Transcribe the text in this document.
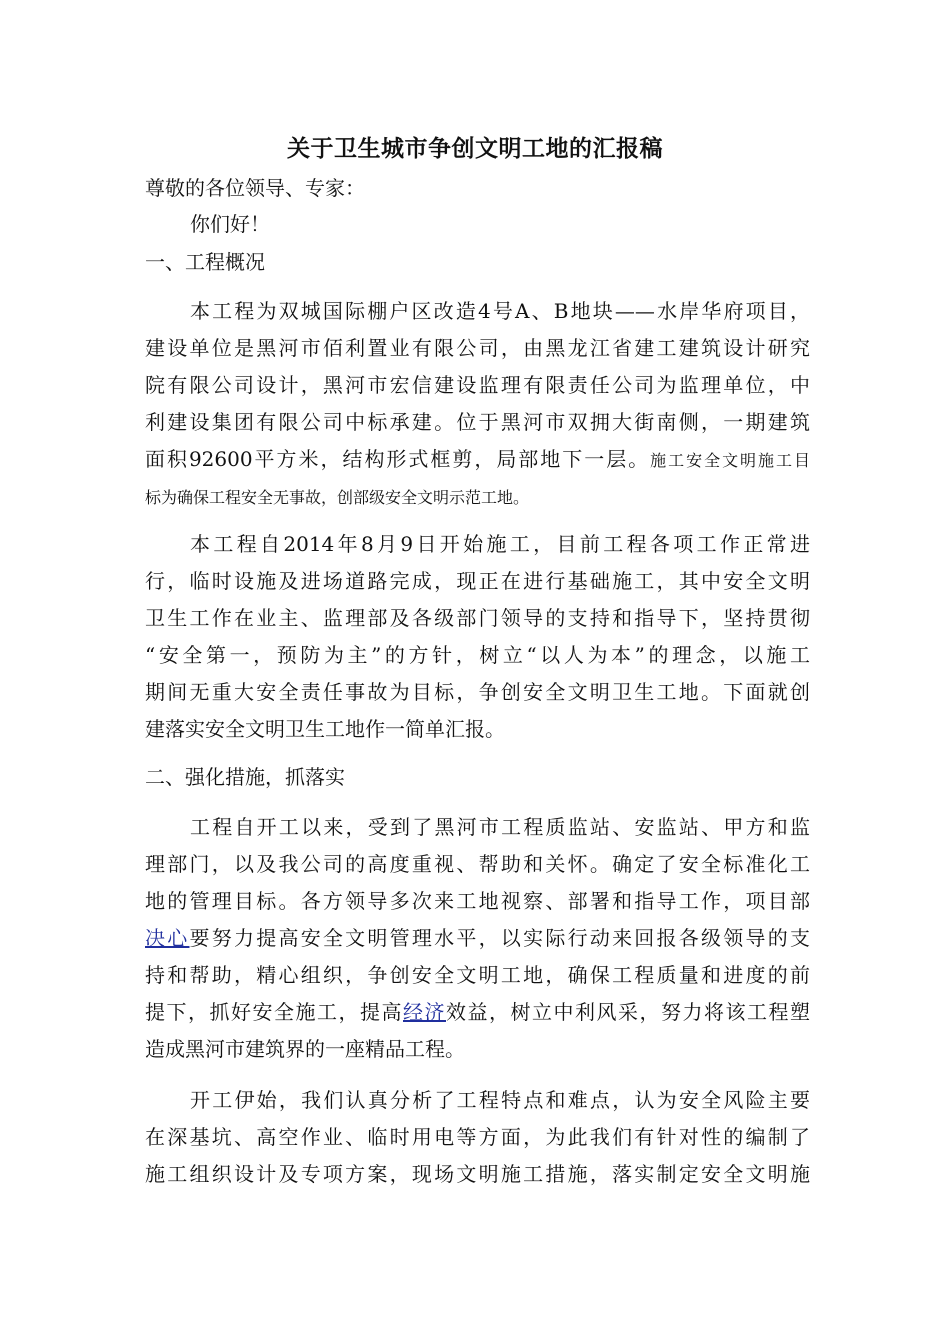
关于卫生城市争创文明工地的汇报稿
尊敬的各位领导、专家：
你们好！
一、工程概况
本工程为双城国际棚户区改造4号A、B地块——水岸华府项目，
建设单位是黑河市佰利置业有限公司，由黑龙江省建工建筑设计研究
院有限公司设计，黑河市宏信建设监理有限责任公司为监理单位，中
利建设集团有限公司中标承建。位于黑河市双拥大街南侧，一期建筑
面积92600平方米，结构形式框剪，局部地下一层。施工安全文明施工目
标为确保工程安全无事故，创部级安全文明示范工地。
本工程自2014年8月9日开始施工，目前工程各项工作正常进
行，临时设施及进场道路完成，现正在进行基础施工，其中安全文明
卫生工作在业主、监理部及各级部门领导的支持和指导下，坚持贯彻
“安全第一，预防为主”的方针，树立“以人为本”的理念，以施工
期间无重大安全责任事故为目标，争创安全文明卫生工地。下面就创
建落实安全文明卫生工地作一简单汇报。
二、强化措施，抓落实
工程自开工以来，受到了黑河市工程质监站、安监站、甲方和监
理部门，以及我公司的高度重视、帮助和关怀。确定了安全标准化工
地的管理目标。各方领导多次来工地视察、部署和指导工作，项目部
决心要努力提高安全文明管理水平，以实际行动来回报各级领导的支
持和帮助，精心组织，争创安全文明工地，确保工程质量和进度的前
提下，抓好安全施工，提高经济效益，树立中利风采，努力将该工程塑
造成黑河市建筑界的一座精品工程。
开工伊始，我们认真分析了工程特点和难点，认为安全风险主要
在深基坑、高空作业、临时用电等方面，为此我们有针对性的编制了
施工组织设计及专项方案，现场文明施工措施，落实制定安全文明施
